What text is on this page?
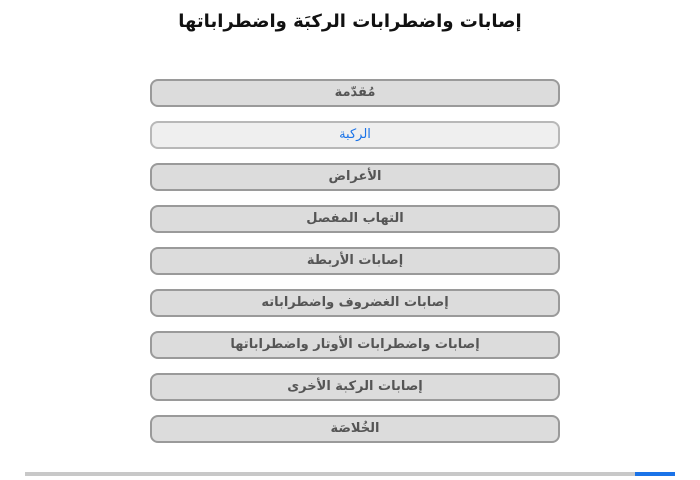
إصابات واضطرابات الركبَة واضطراباتها
مُقدّمة
الركبة
الأعراض
التهاب المفصل
إصابات الأربطة
إصابات الغضروف واضطراباته
إصابات واضطرابات الأوتار واضطراباتها
إصابات الركبة الأخرى
الخُلاصَة
